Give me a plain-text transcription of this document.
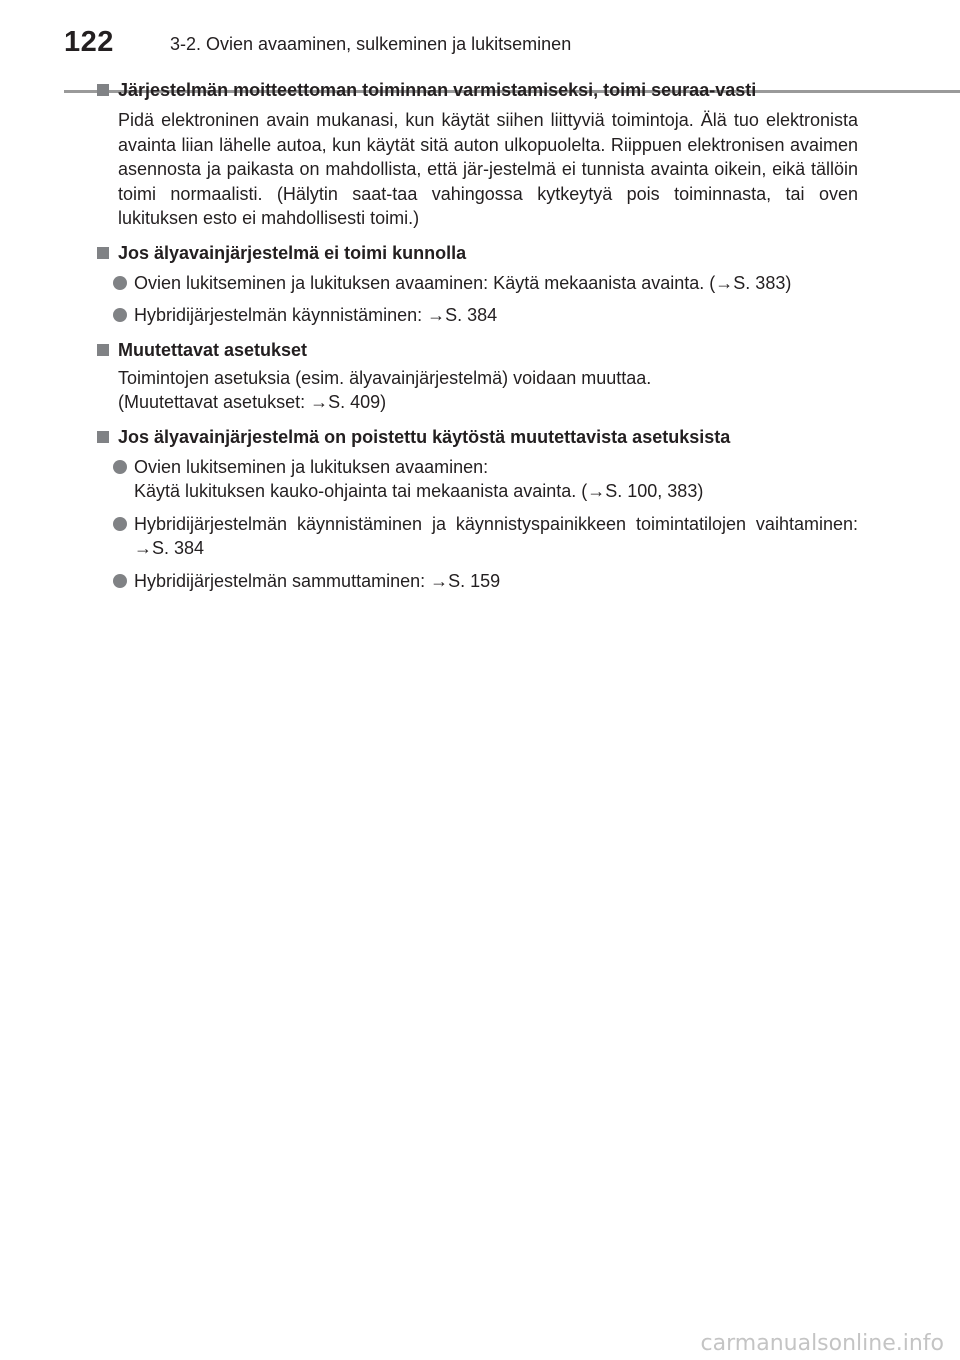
122	3-2. Ovien avaaminen, sulkeminen ja lukitseminen
Järjestelmän moitteettoman toiminnan varmistamiseksi, toimi seuraa-vasti
Pidä elektroninen avain mukanasi, kun käytät siihen liittyviä toimintoja. Älä tuo elektronista avainta liian lähelle autoa, kun käytät sitä auton ulkopuolelta. Riippuen elektronisen avaimen asennosta ja paikasta on mahdollista, että jär-jestelmä ei tunnista avainta oikein, eikä tällöin toimi normaalisti. (Hälytin saat-taa vahingossa kytkeytyä pois toiminnasta, tai oven lukituksen esto ei mahdollisesti toimi.)
Jos älyavainjärjestelmä ei toimi kunnolla
Ovien lukitseminen ja lukituksen avaaminen: Käytä mekaanista avainta. (→S. 383)
Hybridijärjestelmän käynnistäminen: →S. 384
Muutettavat asetukset
Toimintojen asetuksia (esim. älyavainjärjestelmä) voidaan muuttaa.
(Muutettavat asetukset: →S. 409)
Jos älyavainjärjestelmä on poistettu käytöstä muutettavista asetuksista
Ovien lukitseminen ja lukituksen avaaminen:
Käytä lukituksen kauko-ohjainta tai mekaanista avainta. (→S. 100, 383)
Hybridijärjestelmän käynnistäminen ja käynnistyspainikkeen toimintatilojen vaihtaminen: →S. 384
Hybridijärjestelmän sammuttaminen: →S. 159
carmanualsonline.info
